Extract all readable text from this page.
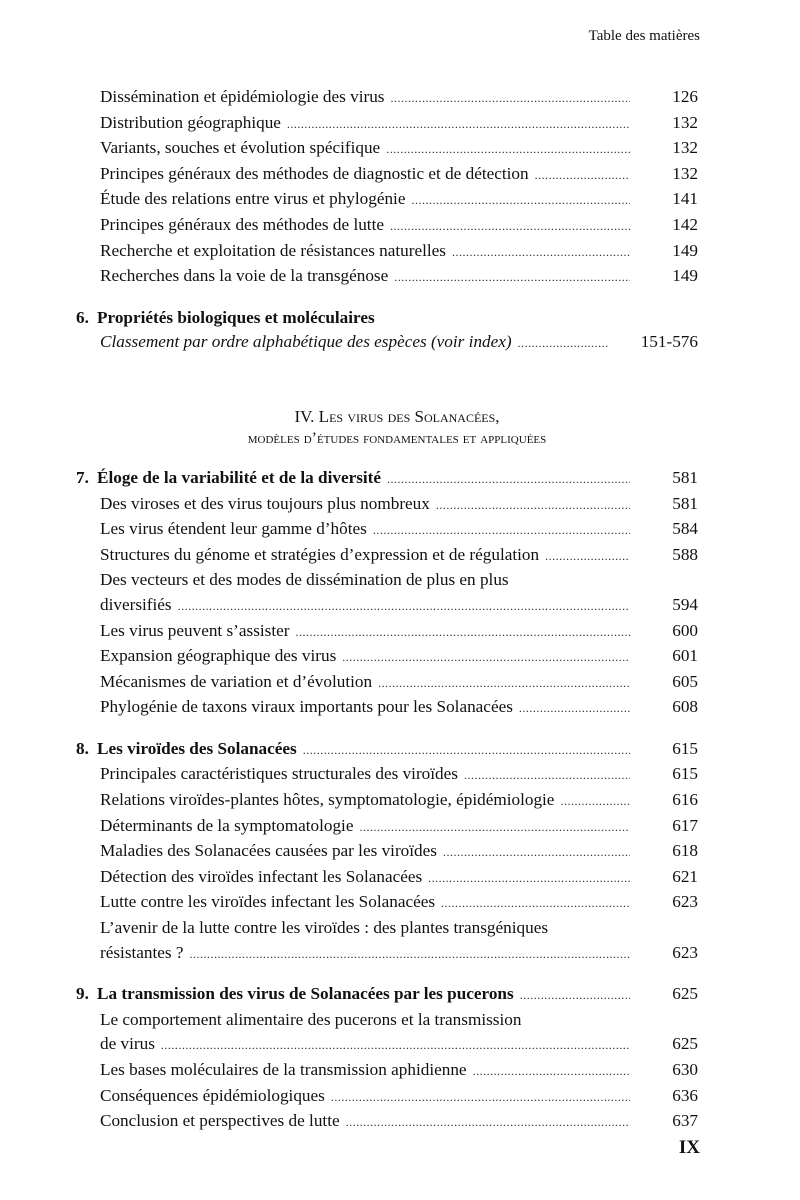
Table des matières
Dissémination et épidémiologie des virus .....	126
Distribution géographique .....	132
Variants, souches et évolution spécifique .....	132
Principes généraux des méthodes de diagnostic et de détection .....	132
Étude des relations entre virus et phylogénie .....	141
Principes généraux des méthodes de lutte .....	142
Recherche et exploitation de résistances naturelles .....	149
Recherches dans la voie de la transgénose .....	149
6. Propriétés biologiques et moléculaires
Classement par ordre alphabétique des espèces (voir index) .....	151-576
IV. Les virus des Solanacées,
modèles d’études fondamentales et appliquées
7. Éloge de la variabilité et de la diversité .....	581
Des viroses et des virus toujours plus nombreux .....	581
Les virus étendent leur gamme d’hôtes .....	584
Structures du génome et stratégies d’expression et de régulation .....	588
Des vecteurs et des modes de dissémination de plus en plus
diversifiés .....	594
Les virus peuvent s’assister .....	600
Expansion géographique des virus .....	601
Mécanismes de variation et d’évolution .....	605
Phylogénie de taxons viraux importants pour les Solanacées .....	608
8. Les viroïdes des Solanacées .....	615
Principales caractéristiques structurales des viroïdes .....	615
Relations viroïdes-plantes hôtes, symptomatologie, épidémiologie .....	616
Déterminants de la symptomatologie .....	617
Maladies des Solanacées causées par les viroïdes .....	618
Détection des viroïdes infectant les Solanacées .....	621
Lutte contre les viroïdes infectant les Solanacées .....	623
L’avenir de la lutte contre les viroïdes : des plantes transgéniques
résistantes ? .....	623
9. La transmission des virus de Solanacées par les pucerons .....	625
Le comportement alimentaire des pucerons et la transmission
de virus .....	625
Les bases moléculaires de la transmission aphidienne .....	630
Conséquences épidémiologiques .....	636
Conclusion et perspectives de lutte .....	637
IX
